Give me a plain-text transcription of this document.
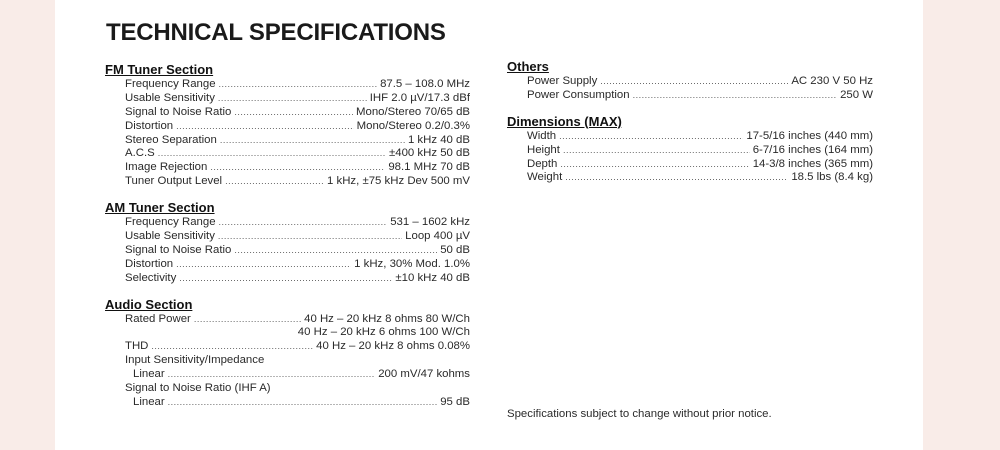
TECHNICAL SPECIFICATIONS
FM Tuner Section
Frequency Range .....	87.5 – 108.0 MHz
Usable Sensitivity .....	IHF 2.0 µV/17.3 dBf
Signal to Noise Ratio .....	Mono/Stereo 70/65 dB
Distortion .....	Mono/Stereo 0.2/0.3%
Stereo Separation .....	1 kHz 40 dB
A.C.S .....	±400 kHz 50 dB
Image Rejection .....	98.1 MHz 70 dB
Tuner Output Level .....	1 kHz, ±75 kHz Dev 500 mV
AM Tuner Section
Frequency Range .....	531 – 1602 kHz
Usable Sensitivity .....	Loop 400 µV
Signal to Noise Ratio .....	50 dB
Distortion .....	1 kHz, 30% Mod. 1.0%
Selectivity .....	±10 kHz 40 dB
Audio Section
Rated Power .....	40 Hz – 20 kHz 8 ohms 80 W/Ch
40 Hz – 20 kHz 6 ohms 100 W/Ch
THD .....	40 Hz – 20 kHz 8 ohms 0.08%
Input Sensitivity/Impedance
Linear .....	200 mV/47 kohms
Signal to Noise Ratio (IHF A)
Linear .....	95 dB
Others
Power Supply .....	AC 230 V 50 Hz
Power Consumption .....	250 W
Dimensions (MAX)
Width .....	17-5/16 inches (440 mm)
Height .....	6-7/16 inches (164 mm)
Depth .....	14-3/8 inches (365 mm)
Weight .....	18.5 lbs (8.4 kg)
Specifications subject to change without prior notice.
